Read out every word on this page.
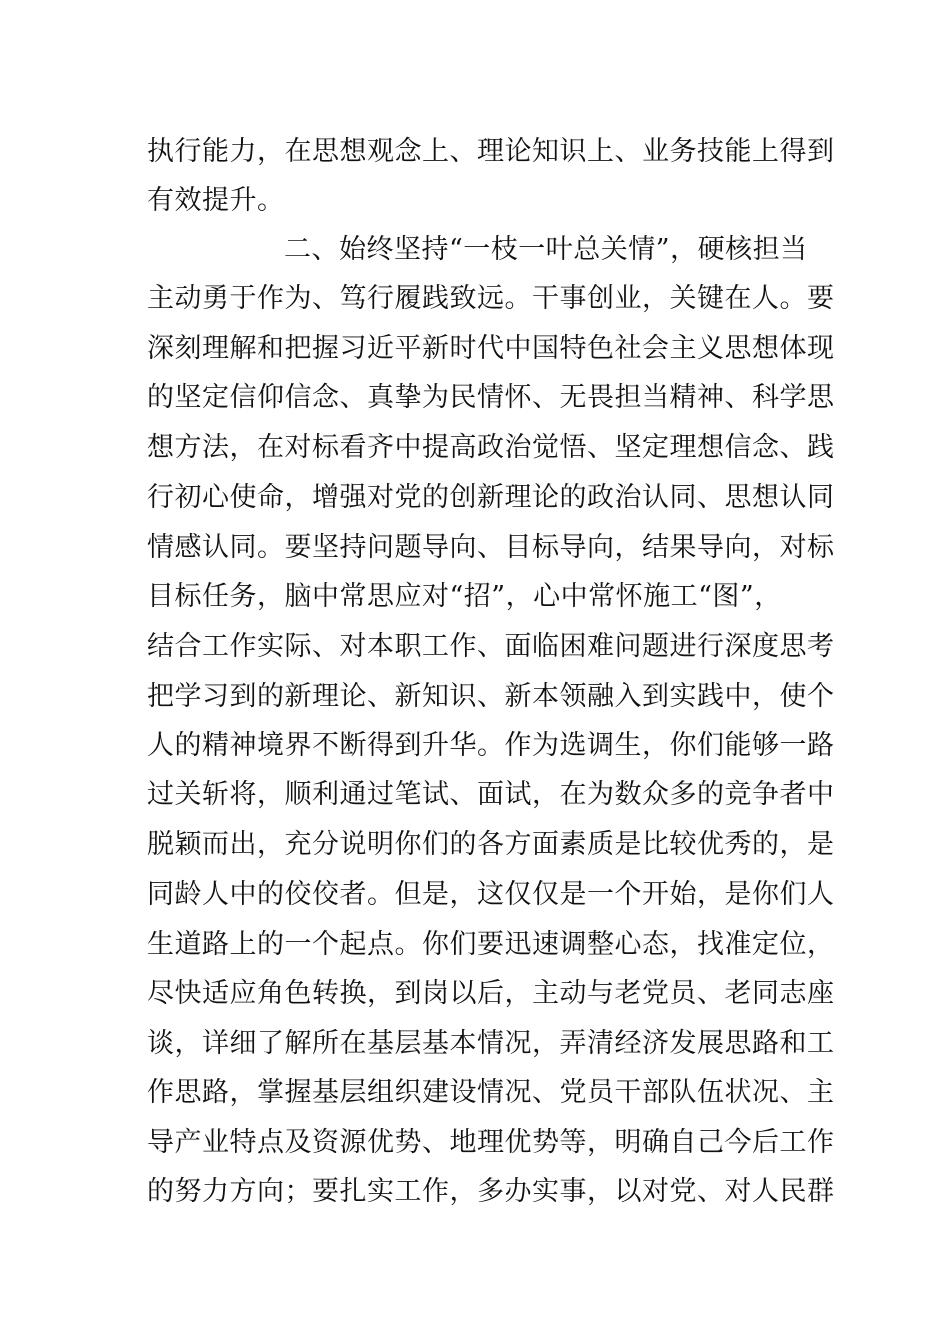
执行能力，在思想观念上、理论知识上、业务技能上得到
有效提升。
二、始终坚持“一枝一叶总关情”，硬核担当
主动勇于作为、笃行履践致远。干事创业，关键在人。要
深刻理解和把握习近平新时代中国特色社会主义思想体现
的坚定信仰信念、真挚为民情怀、无畏担当精神、科学思
想方法，在对标看齐中提高政治觉悟、坚定理想信念、践
行初心使命，增强对党的创新理论的政治认同、思想认同
情感认同。要坚持问题导向、目标导向，结果导向，对标
目标任务，脑中常思应对“招”，心中常怀施工“图”，
结合工作实际、对本职工作、面临困难问题进行深度思考
把学习到的新理论、新知识、新本领融入到实践中，使个
人的精神境界不断得到升华。作为选调生，你们能够一路
过关斩将，顺利通过笔试、面试，在为数众多的竞争者中
脱颖而出，充分说明你们的各方面素质是比较优秀的，是
同龄人中的佼佼者。但是，这仅仅是一个开始，是你们人
生道路上的一个起点。你们要迅速调整心态，找准定位，
尽快适应角色转换，到岗以后，主动与老党员、老同志座
谈，详细了解所在基层基本情况，弄清经济发展思路和工
作思路，掌握基层组织建设情况、党员干部队伍状况、主
导产业特点及资源优势、地理优势等，明确自己今后工作
的努力方向；要扎实工作，多办实事，以对党、对人民群
